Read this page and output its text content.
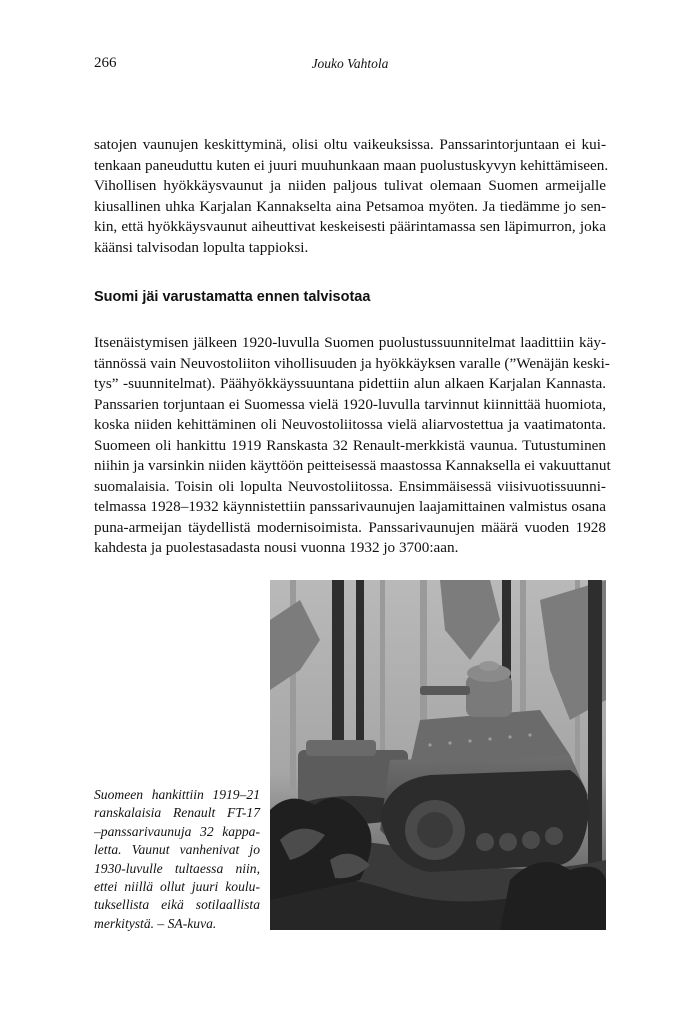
266	Jouko Vahtola
satojen vaunujen keskittyminä, olisi oltu vaikeuksissa. Panssarintorjuntaan ei kui-
tenkaan paneuduttu kuten ei juuri muuhunkaan maan puolustuskyvyn kehittämiseen.
Vihollisen hyökkäysvaunut ja niiden paljous tulivat olemaan Suomen armeijalle
kiusallinen uhka Karjalan Kannakselta aina Petsamoa myöten. Ja tiedämme jo sen-
kin, että hyökkäysvaunut aiheuttivat keskeisesti päärintamassa sen läpimurron, joka
käänsi talvisodan lopulta tappioksi.
Suomi jäi varustamatta ennen talvisotaa
Itsenäistymisen jälkeen 1920-luvulla Suomen puolustussuunnitelmat laadittiin käy-
tännössä vain Neuvostoliiton vihollisuuden ja hyökkäyksen varalle (”Wenäjän keski-
tys” -suunnitelmat). Päähyökkäyssuuntana pidettiin alun alkaen Karjalan Kannasta.
Panssarien torjuntaan ei Suomessa vielä 1920-luvulla tarvinnut kiinnittää huomiota,
koska niiden kehittäminen oli Neuvostoliitossa vielä aliarvostettua ja vaatimatonta.
Suomeen oli hankittu 1919 Ranskasta 32 Renault-merkkistä vaunua. Tutustuminen
niihin ja varsinkin niiden käyttöön peitteisessä maastossa Kannaksella ei vakuuttanut
suomalaisia. Toisin oli lopulta Neuvostoliitossa. Ensimmäisessä viisivuotissuunni-
telmassa 1928–1932 käynnistettiin panssarivaunujen laajamittainen valmistus osana
puna-armeijan täydellistä modernisoimista. Panssarivaunujen määrä vuoden 1928
kahdesta ja puolestasadasta nousi vuonna 1932 jo 3700:aan.
Suomeen hankittiin 1919–21
ranskalaisia Renault FT-17
–panssarivaunuja 32 kappa-
letta. Vaunut vanhenivat jo
1930-luvulle tultaessa niin,
ettei niillä ollut juuri koulu-
tuksellista eikä sotilaallista
merkitystä. – SA-kuva.
